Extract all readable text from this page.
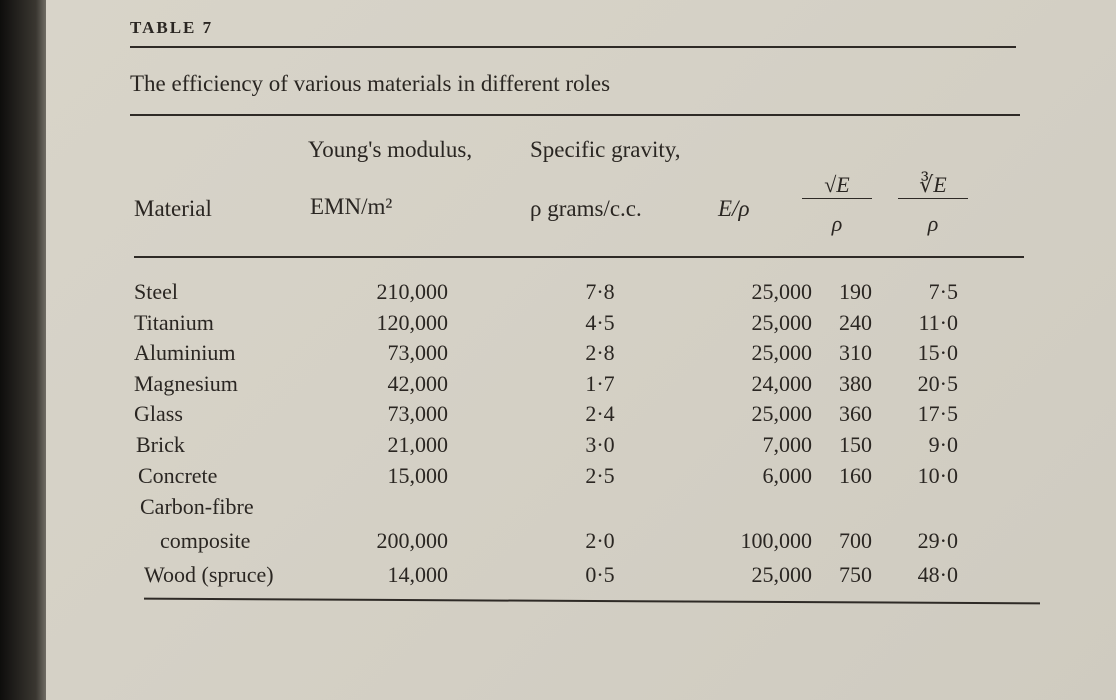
TABLE 7
The efficiency of various materials in different roles
Young's modulus,	Specific gravity,
Material	EMN/m²	ρ grams/c.c.	$E/\rho \frac{√E}{\rho} \frac{∛E}{\rho}$
Steel	210,000	7·8	25,000 190	7·5
Titanium	120,000	4·5	25,000 240 11·0
Aluminium	73,000	2·8	25,000 310 15·0
Magnesium	42,000	1·7	24,000 380 20·5
Glass	73,000	2·4	25,000 360 17·5
Brick	21,000	3·0	7,000 150	9·0
Concrete	15,000	2·5	6,000 160 10·0
Carbon-fibre
composite	200,000	2·0	100,000 700 29·0
Wood (spruce)	14,000	0·5	25,000 750 48·0
